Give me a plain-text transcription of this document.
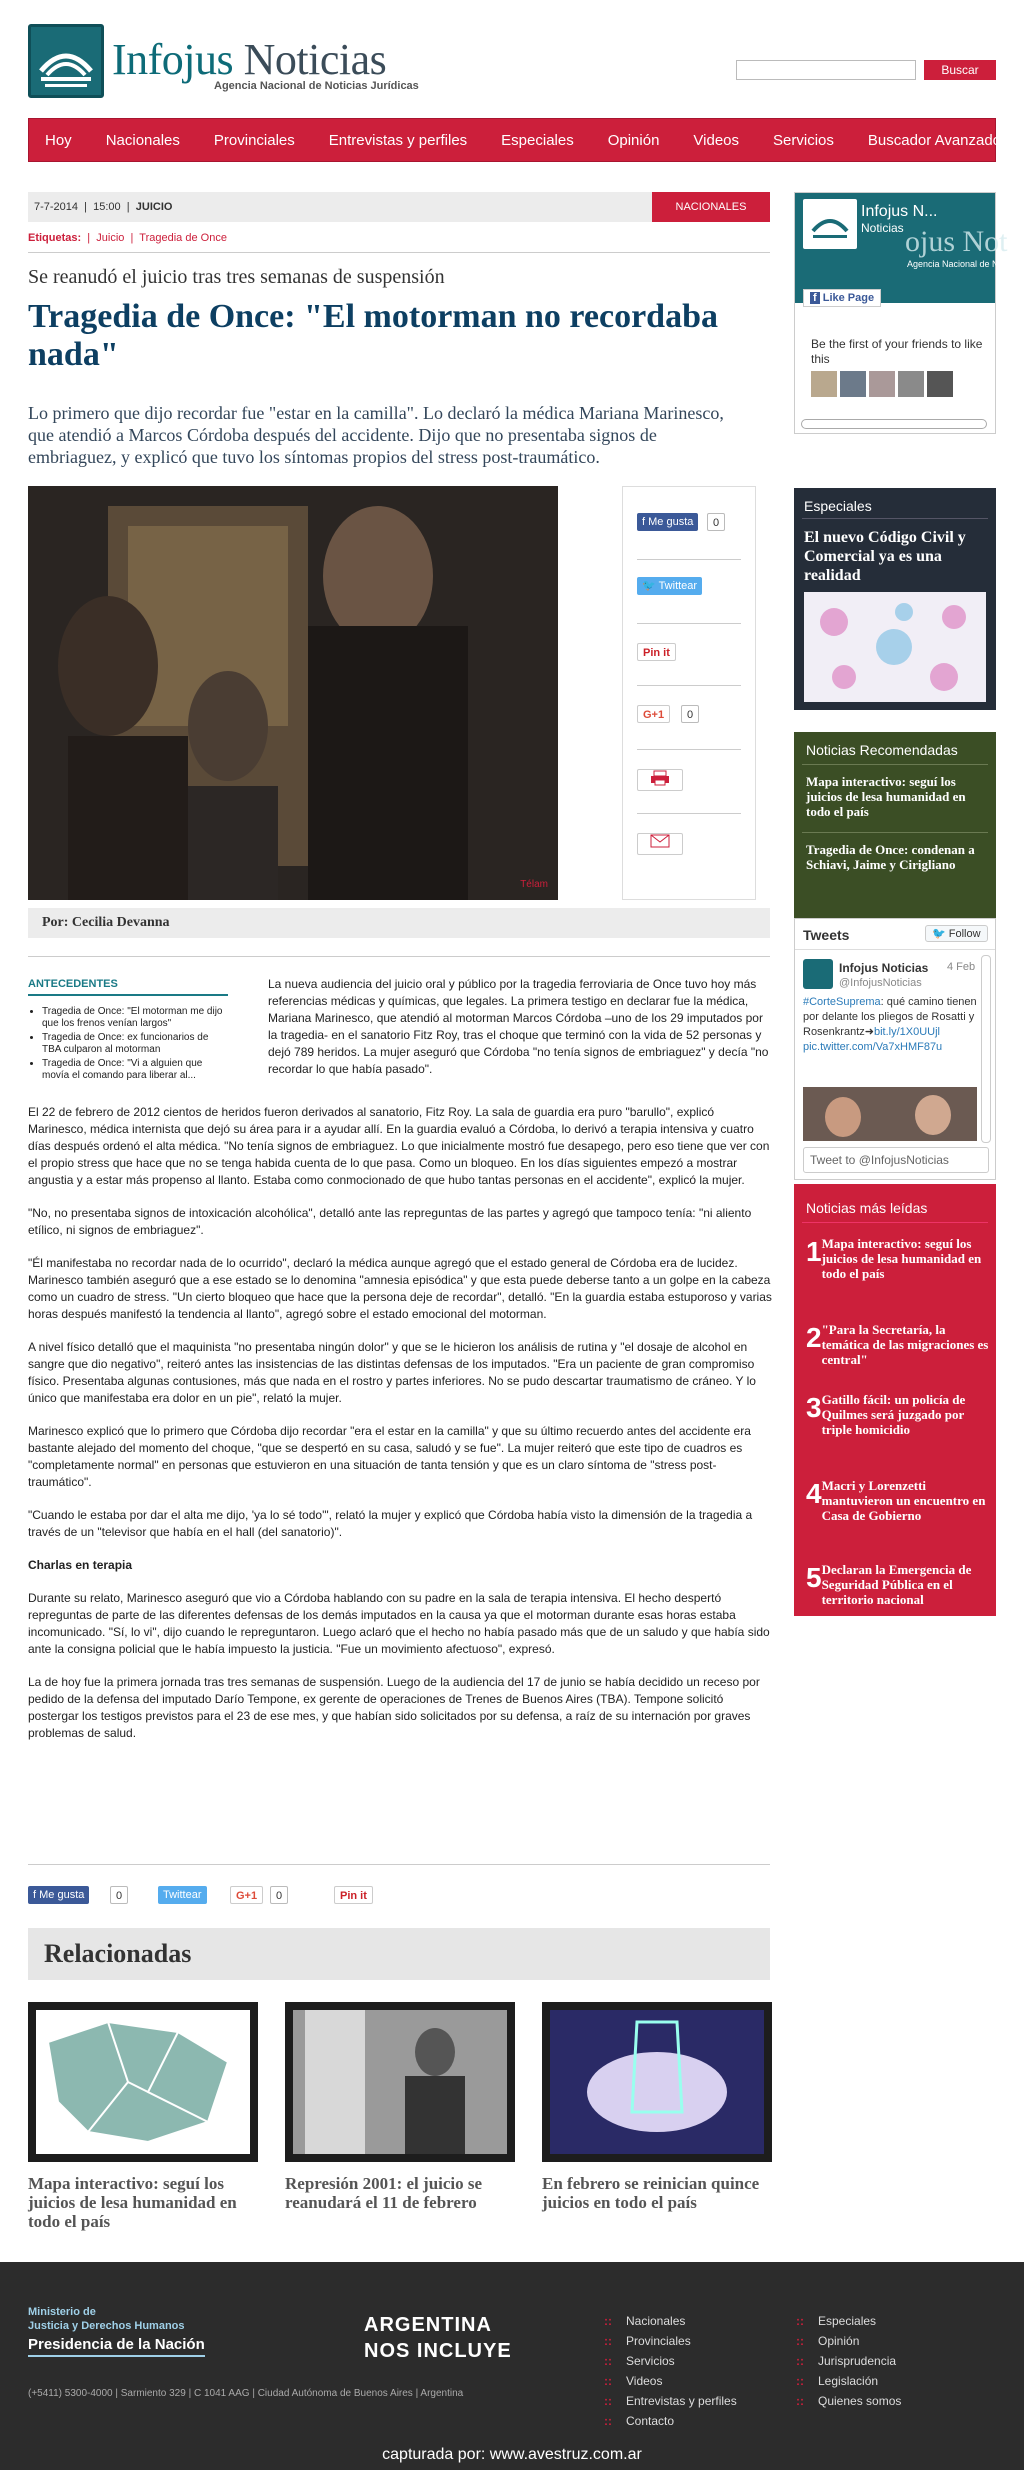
Infojus Noticias
Agencia Nacional de Noticias Jurídicas
Buscar
Hoy	Nacionales	Provinciales	Entrevistas y perfiles	Especiales	Opinión	Videos	Servicios	Buscador Avanzado
7-7-2014  |  15:00  |  JUICIO	NACIONALES
Etiquetas:  |  Juicio  |  Tragedia de Once
Se reanudó el juicio tras tres semanas de suspensión
Tragedia de Once: "El motorman no recordaba nada"

Lo primero que dijo recordar fue "estar en la camilla". Lo declaró la médica Mariana Marinesco, que atendió a Marcos Córdoba después del accidente. Dijo que no presentaba signos de embriaguez, y explicó que tuvo los síntomas propios del stress post-traumático.

Télam
f Me gusta	0
🐦 Twittear
Pin it
G+1	0
Por: Cecilia Devanna
ANTECEDENTES
• Tragedia de Once: "El motorman me dijo que los frenos venían largos"
• Tragedia de Once: ex funcionarios de TBA culparon al motorman
• Tragedia de Once: "Vi a alguien que movía el comando para liberar al...

La nueva audiencia del juicio oral y público por la tragedia ferroviaria de Once tuvo hoy más referencias médicas y químicas, que legales. La primera testigo en declarar fue la médica, Mariana Marinesco, que atendió al motorman Marcos Córdoba –uno de los 29 imputados por la tragedia- en el sanatorio Fitz Roy, tras el choque que terminó con la vida de 52 personas y dejó 789 heridos. La mujer aseguró que Córdoba "no tenía signos de embriaguez" y decía "no recordar lo que había pasado".

El 22 de febrero de 2012 cientos de heridos fueron derivados al sanatorio, Fitz Roy. La sala de guardia era puro "barullo", explicó Marinesco, médica internista que dejó su área para ir a ayudar allí. En la guardia evaluó a Córdoba, lo derivó a terapia intensiva y cuatro días después ordenó el alta médica. "No tenía signos de embriaguez. Lo que inicialmente mostró fue desapego, pero eso tiene que ver con el propio stress que hace que no se tenga habida cuenta de lo que pasa. Como un bloqueo. En los días siguientes empezó a mostrar angustia y a estar más propenso al llanto. Estaba como conmocionado de que hubo tantas personas en el accidente", explicó la mujer.

"No, no presentaba signos de intoxicación alcohólica", detalló ante las repreguntas de las partes y agregó que tampoco tenía: "ni aliento etílico, ni signos de embriaguez".

"Él manifestaba no recordar nada de lo ocurrido", declaró la médica aunque agregó que el estado general de Córdoba era de lucidez. Marinesco también aseguró que a ese estado se lo denomina "amnesia episódica" y que esta puede deberse tanto a un golpe en la cabeza como un cuadro de stress. "Un cierto bloqueo que hace que la persona deje de recordar", detalló. "En la guardia estaba estuporoso y varias horas después manifestó la tendencia al llanto", agregó sobre el estado emocional del motorman.

A nivel físico detalló que el maquinista "no presentaba ningún dolor" y que se le hicieron los análisis de rutina y "el dosaje de alcohol en sangre que dio negativo", reiteró antes las insistencias de las distintas defensas de los imputados. "Era un paciente de gran compromiso físico. Presentaba algunas contusiones, más que nada en el rostro y partes inferiores. No se pudo descartar traumatismo de cráneo. Y lo único que manifestaba era dolor en un pie", relató la mujer.

Marinesco explicó que lo primero que Córdoba dijo recordar "era el estar en la camilla" y que su último recuerdo antes del accidente era bastante alejado del momento del choque, "que se despertó en su casa, saludó y se fue". La mujer reiteró que este tipo de cuadros es "completamente normal" en personas que estuvieron en una situación de tanta tensión y que es un claro síntoma de "stress post-traumático".

"Cuando le estaba por dar el alta me dijo, 'ya lo sé todo'", relató la mujer y explicó que Córdoba había visto la dimensión de la tragedia a través de un "televisor que había en el hall (del sanatorio)".

Charlas en terapia

Durante su relato, Marinesco aseguró que vio a Córdoba hablando con su padre en la sala de terapia intensiva. El hecho despertó repreguntas de parte de las diferentes defensas de los demás imputados en la causa ya que el motorman durante esas horas estaba incomunicado. "Sí, lo vi", dijo cuando le repreguntaron. Luego aclaró que el hecho no había pasado más que de un saludo y que había sido ante la consigna policial que le había impuesto la justicia. "Fue un movimiento afectuoso", expresó.

La de hoy fue la primera jornada tras tres semanas de suspensión. Luego de la audiencia del 17 de junio se había decidido un receso por pedido de la defensa del imputado Darío Tempone, ex gerente de operaciones de Trenes de Buenos Aires (TBA). Tempone solicitó postergar los testigos previstos para el 23 de ese mes, y que habían sido solicitados por su defensa, a raíz de su internación por graves problemas de salud.

f Me gusta	0	Twittear	G+1	0	Pin it
Relacionadas
Mapa interactivo: seguí los juicios de lesa humanidad en todo el país
Represión 2001: el juicio se reanudará el 11 de febrero
En febrero se reinician quince juicios en todo el país
Infojus N...
Noticias ojus Not
Agencia Nacional de Noti
f Like Page
Be the first of your friends to like this
Especiales
El nuevo Código Civil y Comercial ya es una realidad
Noticias Recomendadas
Mapa interactivo: seguí los juicios de lesa humanidad en todo el país
Tragedia de Once: condenan a Schiavi, Jaime y Cirigliano
Tweets	🐦 Follow
Infojus Noticias
@InfojusNoticias
4 Feb
#CorteSuprema: qué camino tienen por delante los pliegos de Rosatti y Rosenkrantz➜bit.ly/1X0UUjl pic.twitter.com/Va7xHMF87u
Tweet to @InfojusNoticias
Noticias más leídas
1 Mapa interactivo: seguí los juicios de lesa humanidad en todo el país
2 "Para la Secretaría, la temática de las migraciones es central"
3 Gatillo fácil: un policía de Quilmes será juzgado por triple homicidio
4 Macri y Lorenzetti mantuvieron un encuentro en Casa de Gobierno
5 Declaran la Emergencia de Seguridad Pública en el territorio nacional
Ministerio de
Justicia y Derechos Humanos
Presidencia de la Nación
(+5411) 5300-4000 | Sarmiento 329 | C 1041 AAG | Ciudad Autónoma de Buenos Aires | Argentina
ARGENTINA
NOS INCLUYE
:: Nacionales
:: Provinciales
:: Servicios
:: Videos
:: Entrevistas y perfiles
:: Contacto
:: Especiales
:: Opinión
:: Jurisprudencia
:: Legislación
:: Quienes somos
capturada por: www.avestruz.com.ar
